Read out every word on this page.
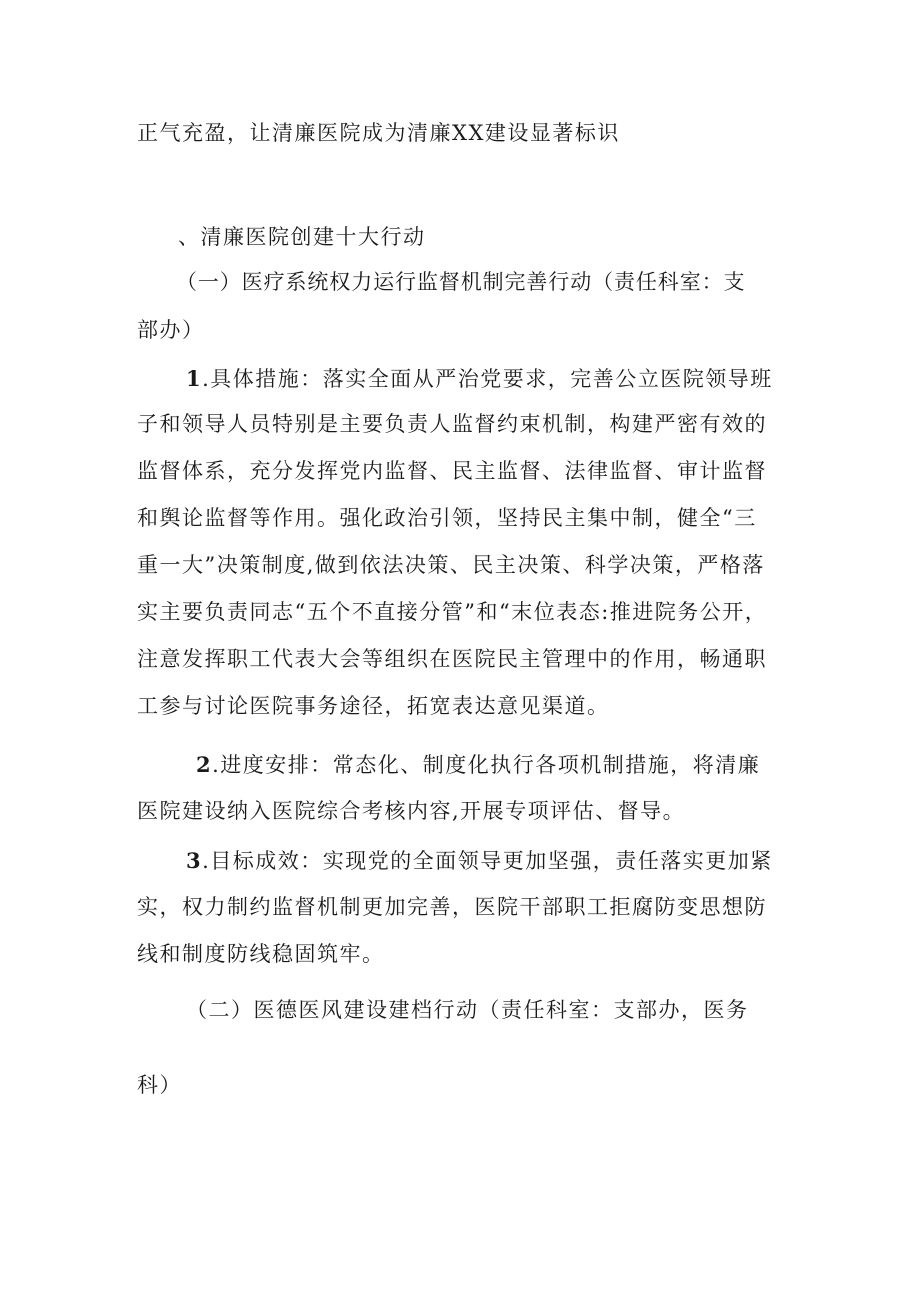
正气充盈，让清廉医院成为清廉XX建设显著标识
、清廉医院创建十大行动
（一）医疗系统权力运行监督机制完善行动（责任科室：支
部办）
1.具体措施：落实全面从严治党要求，完善公立医院领导班
子和领导人员特别是主要负责人监督约束机制，构建严密有效的
监督体系，充分发挥党内监督、民主监督、法律监督、审计监督
和舆论监督等作用。强化政治引领，坚持民主集中制，健全“三
重一大”决策制度,做到依法决策、民主决策、科学决策，严格落
实主要负责同志“五个不直接分管”和“末位表态:推进院务公开，
注意发挥职工代表大会等组织在医院民主管理中的作用，畅通职
工参与讨论医院事务途径，拓宽表达意见渠道。
2.进度安排：常态化、制度化执行各项机制措施，将清廉
医院建设纳入医院综合考核内容,开展专项评估、督导。
3.目标成效：实现党的全面领导更加坚强，责任落实更加紧
实，权力制约监督机制更加完善，医院干部职工拒腐防变思想防
线和制度防线稳固筑牢。
（二）医德医风建设建档行动（责任科室：支部办，医务
科）
